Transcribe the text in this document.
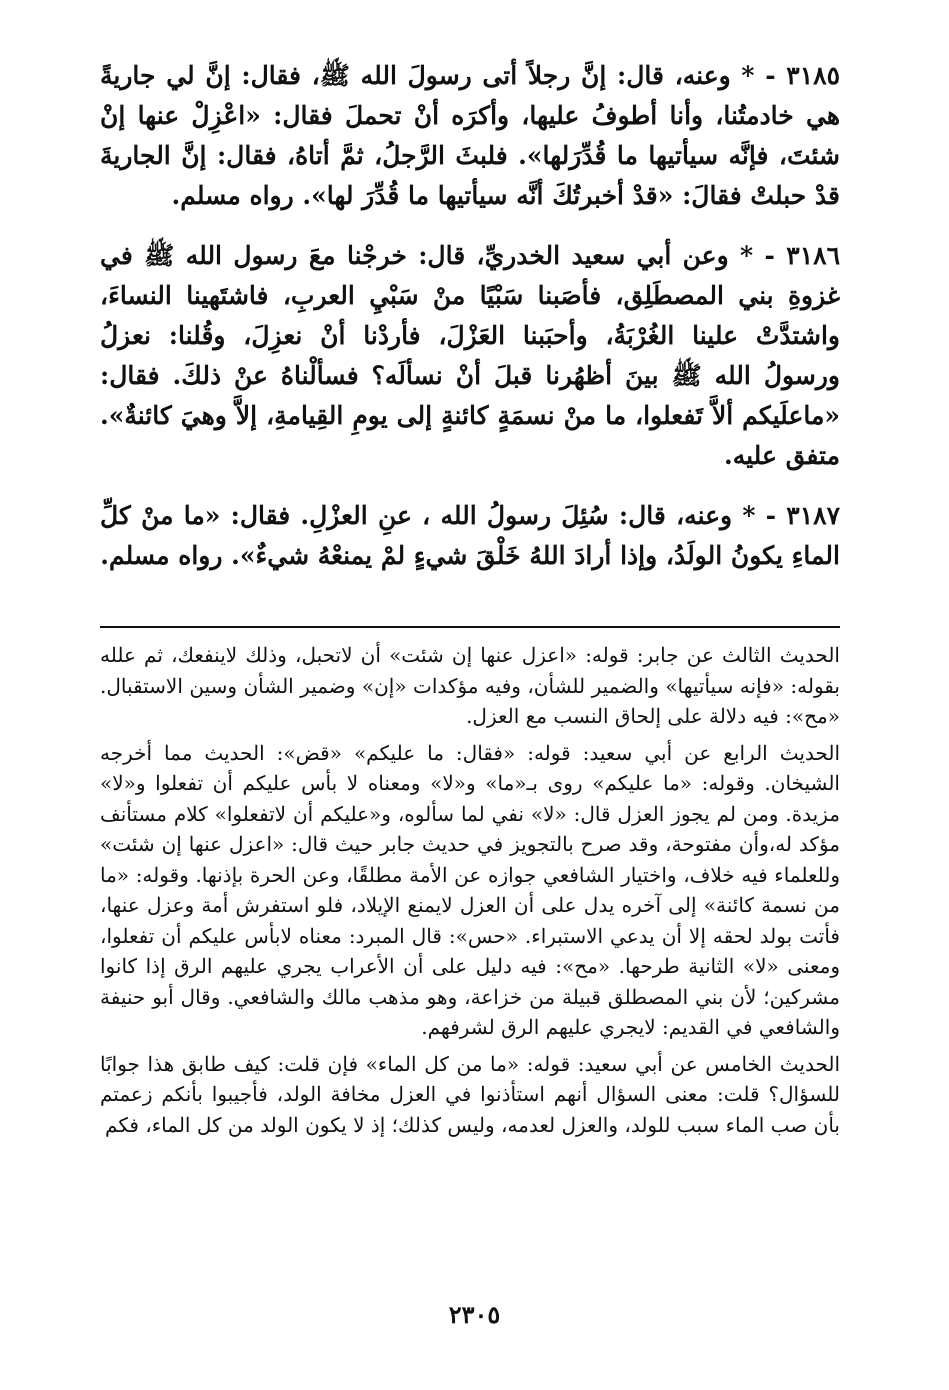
٣١٨٥ - * وعنه، قال: إنَّ رجلاً أتى رسولَ الله ﷺ، فقال: إنَّ لي جاريةً هي خادمتُنا، وأنا أطوفُ عليها، وأكرَه أنْ تحملَ فقال: «اعْزِلْ عنها إنْ شئتَ، فإنَّه سيأتيها ما قُدِّرَلها». فلبثَ الرَّجلُ، ثمَّ أتاهُ، فقال: إنَّ الجاريةَ قدْ حبلتْ فقالَ: «قدْ أخبرتُكَ أنَّه سيأتيها ما قُدِّرَ لها». رواه مسلم.

٣١٨٦ - * وعن أبي سعيد الخدريِّ، قال: خرجْنا معَ رسول الله ﷺ في غزوةِ بني المصطَلِق، فأصَبنا سَبْيًا منْ سَبْيِ العربِ، فاشتَهينا النساءَ، واشتدَّتْ علينا الغُرْبَةُ، وأحبَبنا العَزْلَ، فأردْنا أنْ نعزِلَ، وقُلنا: نعزلُ ورسولُ الله ﷺ بينَ أظهُرنا قبلَ أنْ نسألَه؟ فسألْناهُ عنْ ذلكَ. فقال: «ماعلَيكم ألاَّ تَفعلوا، ما منْ نسمَةٍ كائنةٍ إلى يومِ القِيامةِ، إلاَّ وهيَ كائنةٌ». متفق عليه.

٣١٨٧ - * وعنه، قال: سُئِلَ رسولُ الله ، عنِ العزْلِ. فقال: «ما منْ كلِّ الماءِ يكونُ الولَدُ، وإذا أرادَ اللهُ خَلْقَ شيءٍ لمْ يمنعْهُ شيءٌ». رواه مسلم.

الحديث الثالث عن جابر: قوله: «اعزل عنها إن شئت» أن لاتحبل، وذلك لاينفعك، ثم علله بقوله: «فإنه سيأتيها» والضمير للشأن، وفيه مؤكدات «إن» وضمير الشأن وسين الاستقبال. «مح»: فيه دلالة على إلحاق النسب مع العزل.

الحديث الرابع عن أبي سعيد: قوله: «فقال: ما عليكم» «قض»: الحديث مما أخرجه الشيخان. وقوله: «ما عليكم» روى بـ«ما» و«لا» ومعناه لا بأس عليكم أن تفعلوا و«لا» مزيدة. ومن لم يجوز العزل قال: «لا» نفي لما سألوه، و«عليكم أن لاتفعلوا» كلام مستأنف مؤكد له،وأن مفتوحة، وقد صرح بالتجويز في حديث جابر حيث قال: «اعزل عنها إن شئت» وللعلماء فيه خلاف، واختيار الشافعي جوازه عن الأمة مطلقًا، وعن الحرة بإذنها. وقوله: «ما من نسمة كائنة» إلى آخره يدل على أن العزل لايمنع الإيلاد، فلو استفرش أمة وعزل عنها، فأتت بولد لحقه إلا أن يدعي الاستبراء. «حس»: قال المبرد: معناه لابأس عليكم أن تفعلوا، ومعنى «لا» الثانية طرحها. «مح»: فيه دليل على أن الأعراب يجري عليهم الرق إذا كانوا مشركين؛ لأن بني المصطلق قبيلة من خزاعة، وهو مذهب مالك والشافعي. وقال أبو حنيفة والشافعي في القديم: لايجري عليهم الرق لشرفهم.

الحديث الخامس عن أبي سعيد: قوله: «ما من كل الماء» فإن قلت: كيف طابق هذا جوابًا للسؤال؟ قلت: معنى السؤال أنهم استأذنوا في العزل مخافة الولد، فأجيبوا بأنكم زعمتم بأن صب الماء سبب للولد، والعزل لعدمه، وليس كذلك؛ إذ لا يكون الولد من كل الماء، فكم

٢٣٠٥
